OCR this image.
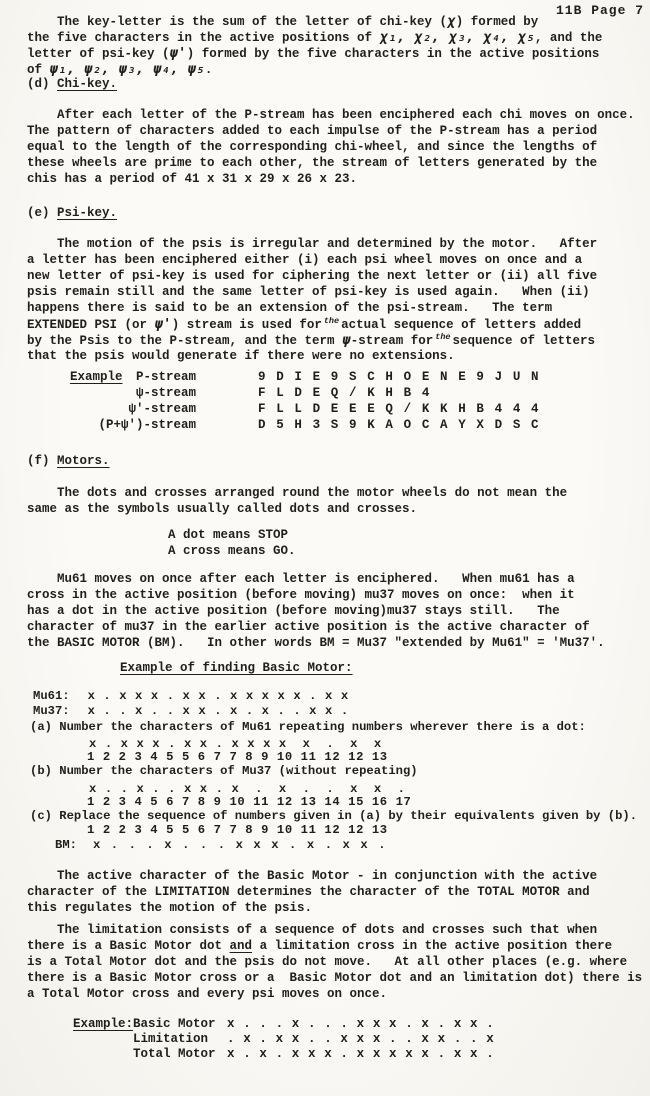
11B Page 7
The key-letter is the sum of the letter of chi-key (χ) formed by
the five characters in the active positions of χ₁, χ₂, χ₃, χ₄, χ₅, and the
letter of psi-key (ψ') formed by the five characters in the active positions
of ψ₁, ψ₂, ψ₃, ψ₄, ψ₅.
(d) Chi-key.
After each letter of the P-stream has been enciphered each chi moves on once.
The pattern of characters added to each impulse of the P-stream has a period
equal to the length of the corresponding chi-wheel, and since the lengths of
these wheels are prime to each other, the stream of letters generated by the
chis has a period of 41 x 31 x 29 x 26 x 23.
(e) Psi-key.
The motion of the psis is irregular and determined by the motor.   After
a letter has been enciphered either (i) each psi wheel moves on once and a
new letter of psi-key is used for ciphering the next letter or (ii) all five
psis remain still and the same letter of psi-key is used again.   When (ii)
happens there is said to be an extension of the psi-stream.   The term
EXTENDED PSI (or ψ') stream is used for $^{the}$ actual sequence of letters added
by the Psis to the P-stream, and the term ψ-stream for $^{the}$ sequence of letters
that the psis would generate if there were no extensions.
Example	P-stream	9 D I E 9 S C H O E N E 9 J U N
ψ-stream	F L D E Q / K H B 4
ψ'-stream	F L L D E E E Q / K K H B 4 4 4
(P+ψ')-stream	D 5 H 3 S 9 K A O C A Y X D S C
(f) Motors.
The dots and crosses arranged round the motor wheels do not mean the
same as the symbols usually called dots and crosses.
A dot means STOP
A cross means GO.
Mu61 moves on once after each letter is enciphered.   When mu61 has a
cross in the active position (before moving) mu37 moves on once:  when it
has a dot in the active position (before moving)mu37 stays still.   The
character of mu37 in the earlier active position is the active character of
the BASIC MOTOR (BM).   In other words BM = Mu37 "extended by Mu61" = 'Mu37'.
Example of finding Basic Motor:
Mu61: x . x x x . x x . x x x x x . x x
Mu37: x . . x . . x x . x . x . . x x .
(a) Number the characters of Mu61 repeating numbers wherever there is a dot:
x . x x x . x x . x x x x  x  .  x  x
1 2 2 3 4 5 5 6 7 7 8 9 10 11 12 12 13
(b) Number the characters of Mu37 (without repeating)
x . . x . . x x . x  .  x  .  .  x  x  .
1 2 3 4 5 6 7 8 9 10 11 12 13 14 15 16 17
(c) Replace the sequence of numbers given in (a) by their equivalents given by (b).
1 2 2 3 4 5 5 6 7 7 8 9 10 11 12 12 13
BM: x . . . x . . . x x x . x . x x .
The active character of the Basic Motor - in conjunction with the active
character of the LIMITATION determines the character of the TOTAL MOTOR and
this regulates the motion of the psis.
The limitation consists of a sequence of dots and crosses such that when
there is a Basic Motor dot and a limitation cross in the active position there
is a Total Motor dot and the psis do not move.   At all other places (e.g. where
there is a Basic Motor cross or a  Basic Motor dot and an limitation dot) there is
a Total Motor cross and every psi moves on once.
Example: Basic Motor x . . . x . . . x x x . x . x x .
Limitation . x . x x . . x x x . . x x . . x
Total Motor x . x . x x x . x x x x x . x x .
